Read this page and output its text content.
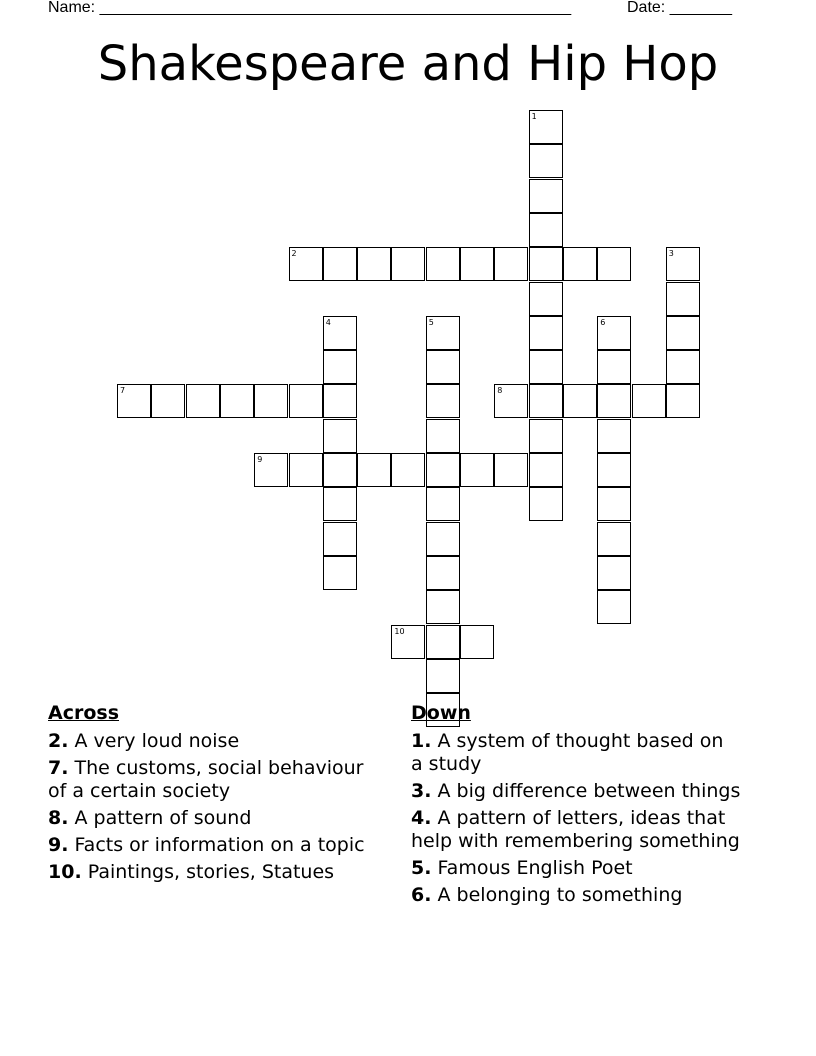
Name: _____________________________________________________	Date: _______
Shakespeare and Hip Hop
1
2	3
4	5	6
7	8
9
10
Across
2. A very loud noise
7. The customs, social behaviour of a certain society
8. A pattern of sound
9. Facts or information on a topic
10. Paintings, stories, Statues
Down
1. A system of thought based on a study
3. A big difference between things
4. A pattern of letters, ideas that help with remembering something
5. Famous English Poet
6. A belonging to something
